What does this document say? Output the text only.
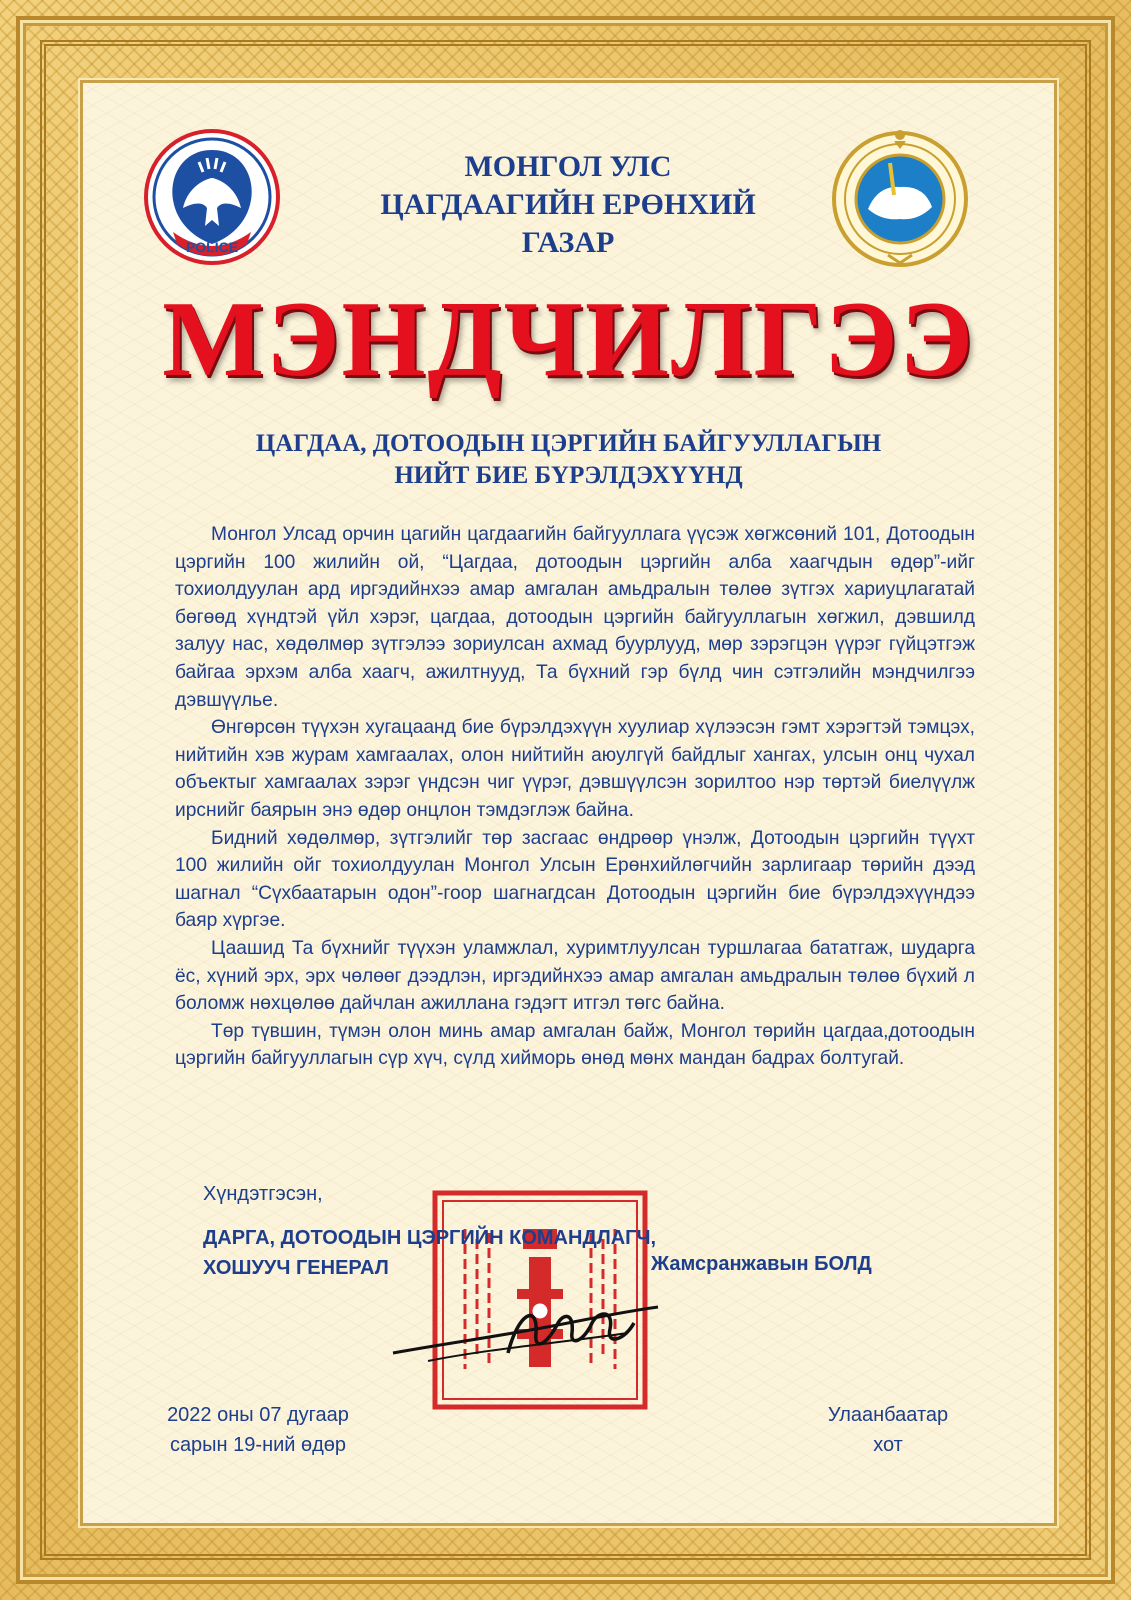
POLICE
МОНГОЛ УЛС
ЦАГДААГИЙН ЕРӨНХИЙ
ГАЗАР
МЭНДЧИЛГЭЭ
ЦАГДАА, ДОТООДЫН ЦЭРГИЙН БАЙГУУЛЛАГЫН
НИЙТ БИЕ БҮРЭЛДЭХҮҮНД

Монгол Улсад орчин цагийн цагдаагийн байгууллага үүсэж хөгжсөний 101, Дотоодын цэргийн 100 жилийн ой, “Цагдаа, дотоодын цэргийн алба хаагчдын өдөр”-ийг тохиолдуулан ард иргэдийнхээ амар амгалан амьдралын төлөө зүтгэх хариуцлагатай бөгөөд хүндтэй үйл хэрэг, цагдаа, дотоодын цэргийн байгууллагын хөгжил, дэвшилд залуу нас, хөдөлмөр зүтгэлээ зориулсан ахмад буурлууд, мөр зэрэгцэн үүрэг гүйцэтгэж байгаа эрхэм алба хаагч, ажилтнууд, Та бүхний гэр бүлд чин сэтгэлийн мэндчилгээ дэвшүүлье.

Өнгөрсөн түүхэн хугацаанд бие бүрэлдэхүүн хуулиар хүлээсэн гэмт хэрэгтэй тэмцэх, нийтийн хэв журам хамгаалах, олон нийтийн аюулгүй байдлыг хангах, улсын онц чухал объектыг хамгаалах зэрэг үндсэн чиг үүрэг, дэвшүүлсэн зорилтоо нэр төртэй биелүүлж ирснийг баярын энэ өдөр онцлон тэмдэглэж байна.

Бидний хөдөлмөр, зүтгэлийг төр засгаас өндрөөр үнэлж, Дотоодын цэргийн түүхт 100 жилийн ойг тохиолдуулан Монгол Улсын Ерөнхийлөгчийн зарлигаар төрийн дээд шагнал “Сүхбаатарын одон”-гоор шагнагдсан Дотоодын цэргийн бие бүрэлдэхүүндээ баяр хүргэе.

Цаашид Та бүхнийг түүхэн уламжлал, хуримтлуулсан туршлагаа бататгаж, шударга ёс, хүний эрх, эрх чөлөөг дээдлэн, иргэдийнхээ амар амгалан амьдралын төлөө бүхий л боломж нөхцөлөө дайчлан ажиллана гэдэгт итгэл төгс байна.

Төр түвшин, түмэн олон минь амар амгалан байж, Монгол төрийн цагдаа,дотоодын цэргийн байгууллагын сүр хүч, сүлд хийморь өнөд мөнх мандан бадрах болтугай.

Хүндэтгэсэн,
ДАРГА, ДОТООДЫН ЦЭРГИЙН КОМАНДЛАГЧ,
ХОШУУЧ ГЕНЕРАЛ	Жамсранжавын БОЛД
2022 оны 07 дугаар
сарын 19-ний өдөр
Улаанбаатар
хот
